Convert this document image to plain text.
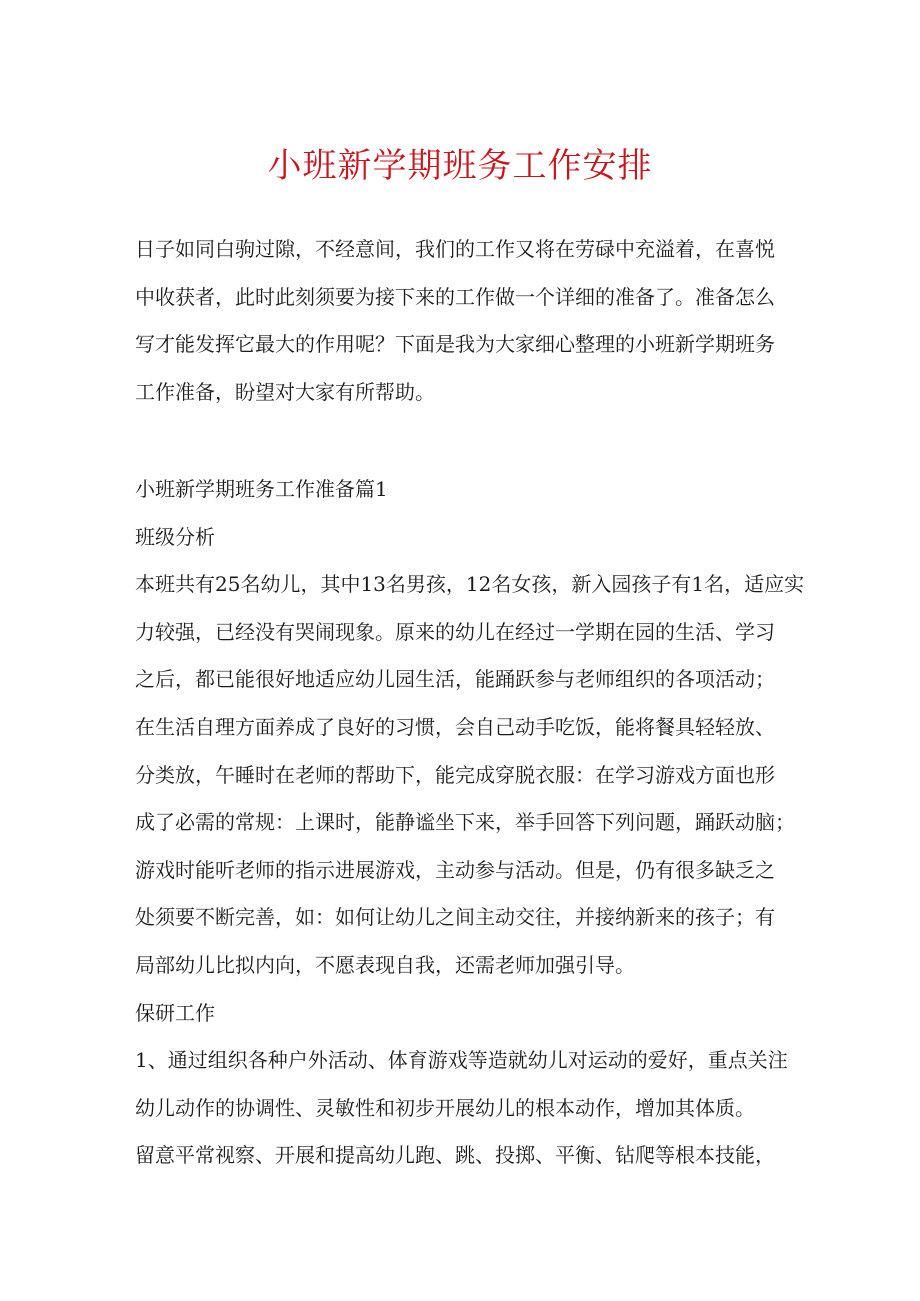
小班新学期班务工作安排

日子如同白驹过隙，不经意间，我们的工作又将在劳碌中充溢着，在喜悦
中收获者，此时此刻须要为接下来的工作做一个详细的准备了。准备怎么
写才能发挥它最大的作用呢？下面是我为大家细心整理的小班新学期班务
工作准备，盼望对大家有所帮助。

小班新学期班务工作准备篇1

班级分析

本班共有25名幼儿，其中13名男孩，12名女孩，新入园孩子有1名，适应实
力较强，已经没有哭闹现象。原来的幼儿在经过一学期在园的生活、学习
之后，都已能很好地适应幼儿园生活，能踊跃参与老师组织的各项活动；
在生活自理方面养成了良好的习惯，会自己动手吃饭，能将餐具轻轻放、
分类放，午睡时在老师的帮助下，能完成穿脱衣服：在学习游戏方面也形
成了必需的常规：上课时，能静谧坐下来，举手回答下列问题，踊跃动脑；
游戏时能听老师的指示进展游戏，主动参与活动。但是，仍有很多缺乏之
处须要不断完善，如：如何让幼儿之间主动交往，并接纳新来的孩子；有
局部幼儿比拟内向，不愿表现自我，还需老师加强引导。

保研工作

1、通过组织各种户外活动、体育游戏等造就幼儿对运动的爱好，重点关注
幼儿动作的协调性、灵敏性和初步开展幼儿的根本动作，增加其体质。
留意平常视察、开展和提高幼儿跑、跳、投掷、平衡、钻爬等根本技能，
